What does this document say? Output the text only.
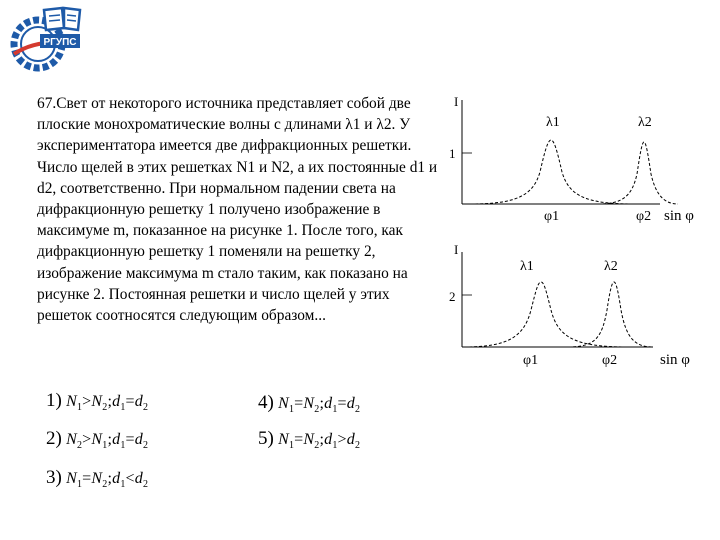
РГУПС

67.Свет от некоторого источника представляет собой две плоские монохроматические волны с длинами λ1 и λ2. У экспериментатора имеется две дифракционных решетки. Число щелей в этих решетках N1 и N2, а их постоянные d1 и d2, соответственно. При нормальном падении света на дифракционную решетку 1 получено изображение в максимуме m, показанное на рисунке 1. После того, как дифракционную решетку 1 поменяли на решетку 2, изображение максимума m стало таким, как показано на рисунке 2. Постоянная решетки и число щелей у этих решеток соотносятся следующим образом...

I
1
λ1	λ2
φ1	φ2 sin φ
I
2
λ1	λ2
φ1	φ2	sin φ
1) $N_1>N_2;d_1=d_2$
2) $N_2>N_1;d_1=d_2$
3) $N_1=N_2;d_1<d_2$
4) $N_1=N_2;d_1=d_2$
5) $N_1=N_2;d_1>d_2$
